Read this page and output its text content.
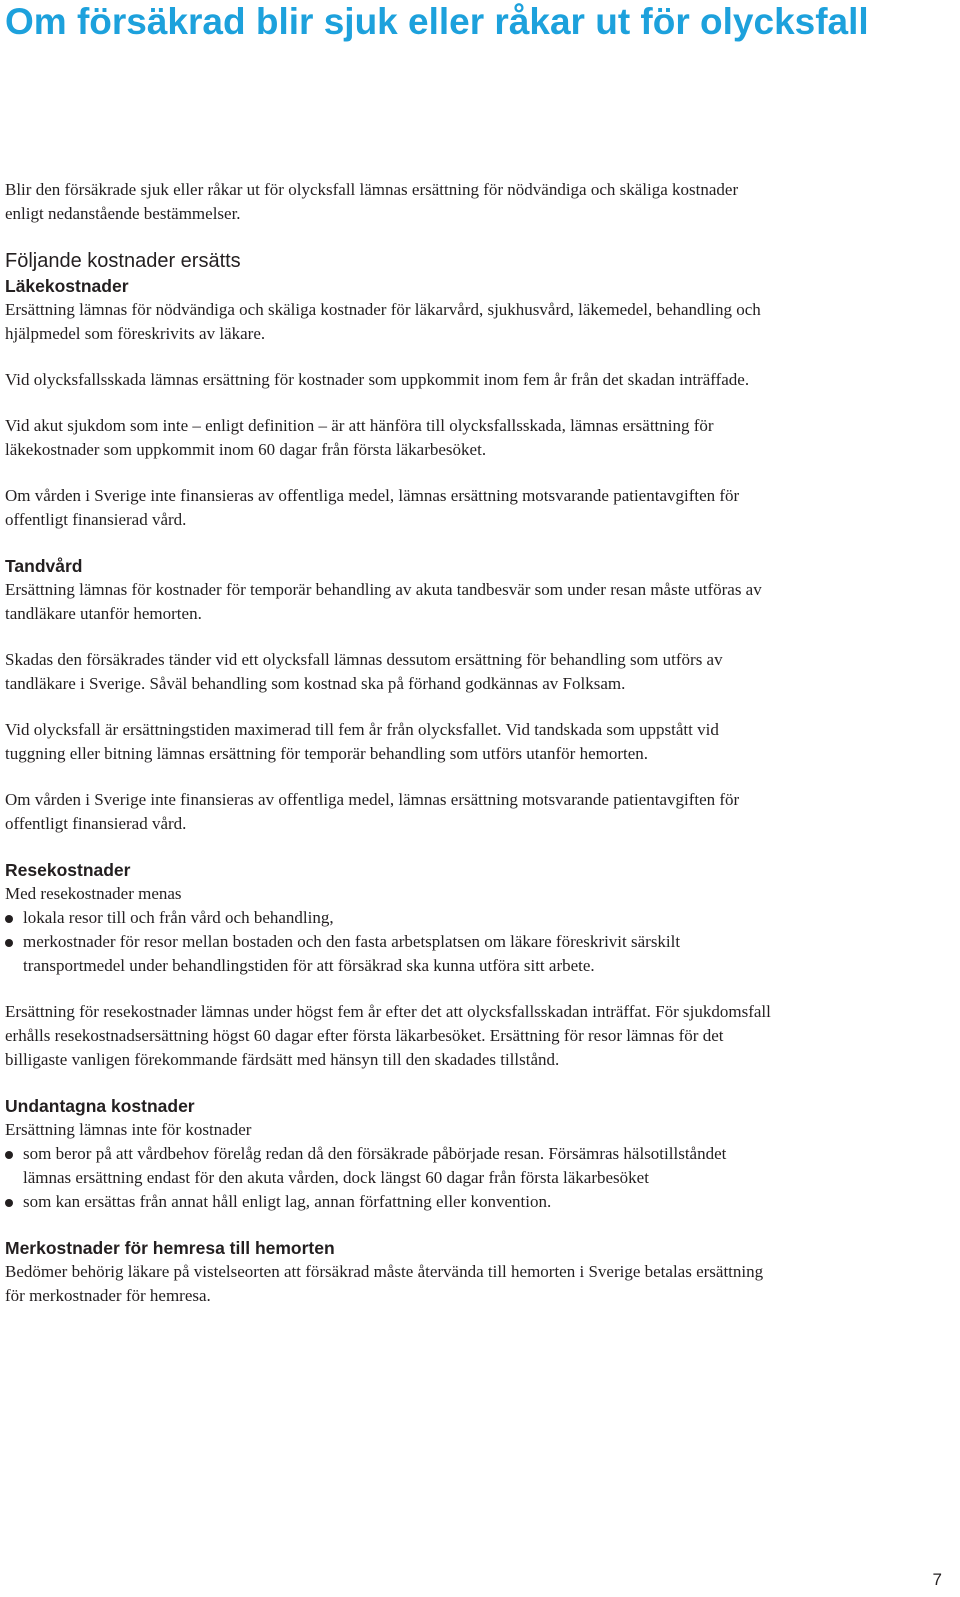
Om försäkrad blir sjuk eller råkar ut för olycksfall

Blir den försäkrade sjuk eller råkar ut för olycksfall lämnas ersättning för nödvändiga och skäliga kostnader enligt nedanstående bestämmelser.

Följande kostnader ersätts
Läkekostnader

Ersättning lämnas för nödvändiga och skäliga kostnader för läkarvård, sjukhusvård, läkemedel, behandling och hjälpmedel som föreskrivits av läkare.

Vid olycksfallsskada lämnas ersättning för kostnader som uppkommit inom fem år från det skadan inträffade.

Vid akut sjukdom som inte – enligt definition – är att hänföra till olycksfallsskada, lämnas ersättning för läkekostnader som uppkommit inom 60 dagar från första läkarbesöket.

Om vården i Sverige inte finansieras av offentliga medel, lämnas ersättning motsvarande patientavgiften för offentligt finansierad vård.

Tandvård

Ersättning lämnas för kostnader för temporär behandling av akuta tandbesvär som under resan måste utföras av tandläkare utanför hemorten.

Skadas den försäkrades tänder vid ett olycksfall lämnas dessutom ersättning för behandling som utförs av tandläkare i Sverige. Såväl behandling som kostnad ska på förhand godkännas av Folksam.

Vid olycksfall är ersättningstiden maximerad till fem år från olycksfallet. Vid tandskada som uppstått vid tuggning eller bitning lämnas ersättning för temporär behandling som utförs utanför hemorten.

Om vården i Sverige inte finansieras av offentliga medel, lämnas ersättning motsvarande patientavgiften för offentligt finansierad vård.

Resekostnader

Med resekostnader menas

lokala resor till och från vård och behandling,
merkostnader för resor mellan bostaden och den fasta arbetsplatsen om läkare föreskrivit särskilt transportmedel under behandlingstiden för att försäkrad ska kunna utföra sitt arbete.

Ersättning för resekostnader lämnas under högst fem år efter det att olycksfallsskadan inträffat. För sjukdomsfall erhålls resekostnadsersättning högst 60 dagar efter första läkarbesöket. Ersättning för resor lämnas för det billigaste vanligen förekommande färdsätt med hänsyn till den skadades tillstånd.

Undantagna kostnader

Ersättning lämnas inte för kostnader

som beror på att vårdbehov förelåg redan då den försäkrade påbörjade resan. Försämras hälsotillståndet lämnas ersättning endast för den akuta vården, dock längst 60 dagar från första läkarbesöket
som kan ersättas från annat håll enligt lag, annan författning eller konvention.
Merkostnader för hemresa till hemorten

Bedömer behörig läkare på vistelseorten att försäkrad måste återvända till hemorten i Sverige betalas ersättning för merkostnader för hemresa.

7
